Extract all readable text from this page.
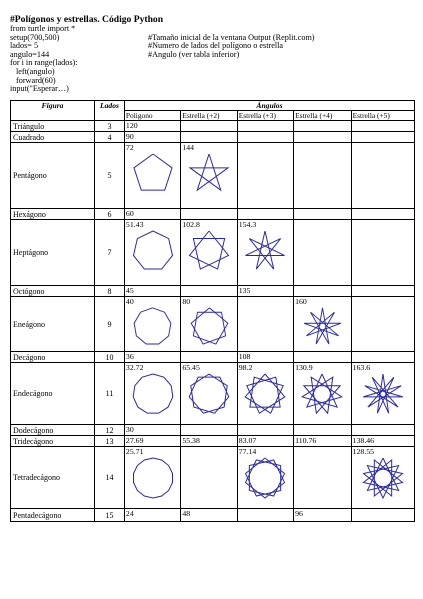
#Polígonos y estrellas. Código Python
from turtle import *
setup(700,500)	#Tamaño inicial de la ventana Output (Replit.com)
lados= 5	#Numero de lados del polígono o estrella
angulo=144	#Angulo (ver tabla inferior)
for i in range(lados):
left(angulo)
forward(60)
input("Esperar…)
Figura	Lados	Ángulos				
		Poligono	Estrella (+2)	Estrella (+3)	Estrella (+4)	Estrella (+5)
Triángulo	3	120				

Cuadrado	4	90				

Pentágono	5	72	144			

Hexágono	6	60				

Heptágono	7	51.43	102.8	154.3		

Octógono	8	45		135		

Eneágono	9	40	80		160	

Decágono	10	36		108		

Endecágono	11	32.72	65.45	98.2	130.9	163.6

Dodecágono	12	30				

Tridecágono	13	27.69	55.38	83.07	110.76	138.46

Tetradecágono	14	25.71		77.14		128.55

Pentadecágono	15	24	48		96	
